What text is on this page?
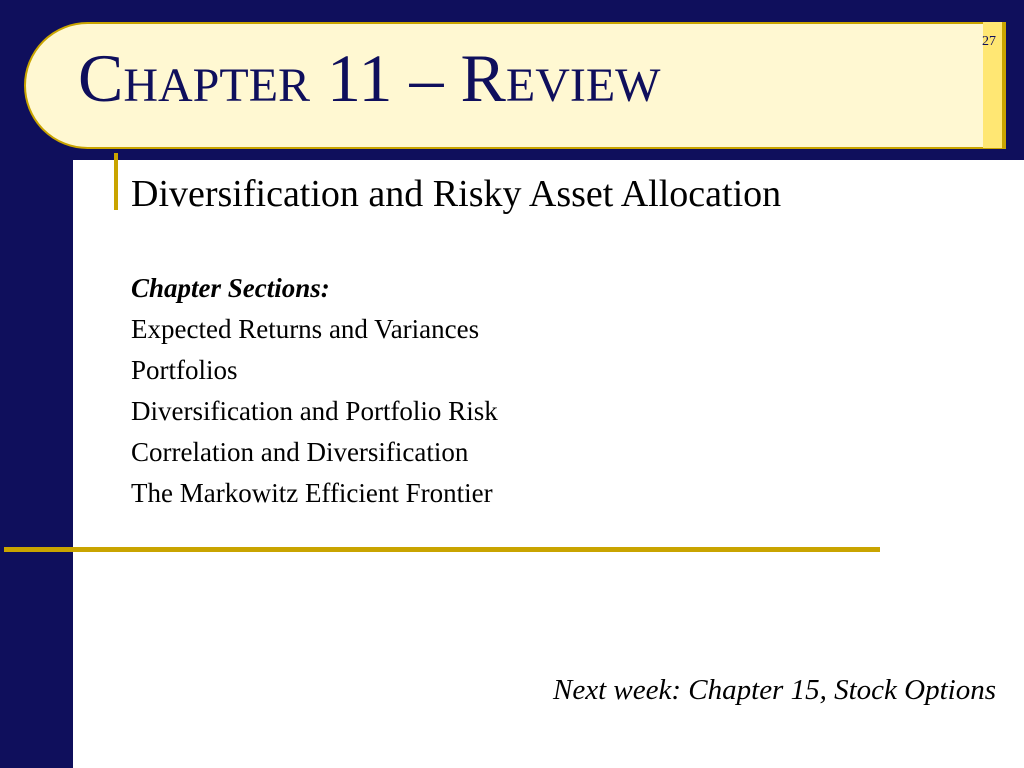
Chapter 11 – Review	27
Diversification and Risky Asset Allocation
Chapter Sections:
Expected Returns and Variances
Portfolios
Diversification and Portfolio Risk
Correlation and Diversification
The Markowitz Efficient Frontier
Next week: Chapter 15, Stock Options
